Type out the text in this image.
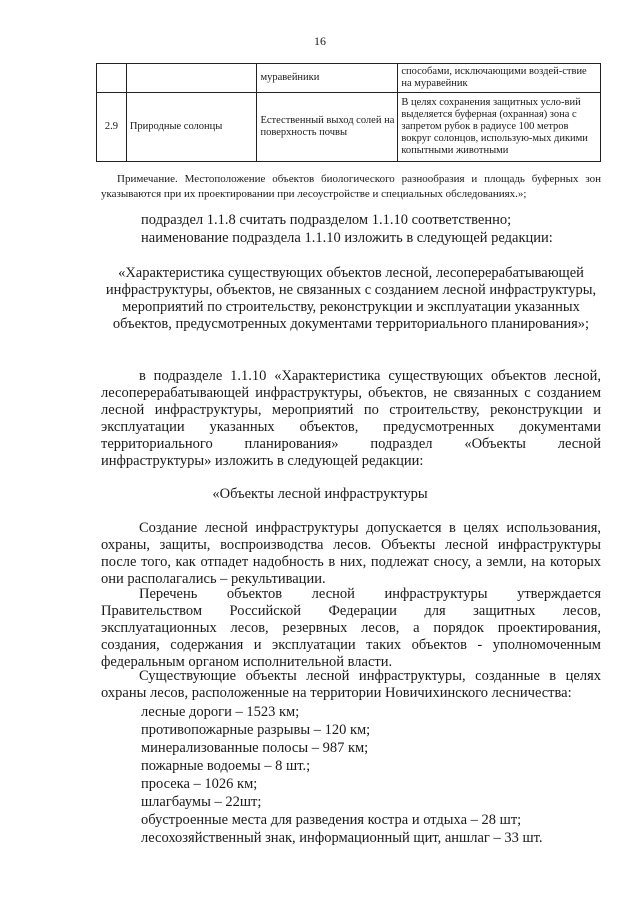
16
		муравейники	способами, исключающими воздей-ствие на муравейник
2.9	Природные солонцы	Естественный выход солей на поверхность почвы	В целях сохранения защитных усло-вий выделяется буферная (охранная) зона с запретом рубок в радиусе 100 метров вокруг солонцов, использую-мых дикими копытными животными
Примечание. Местоположение объектов биологического разнообразия и площадь буферных зон указываются при их проектировании при лесоустройстве и специальных обследованиях.»;
подраздел 1.1.8 считать подразделом 1.1.10 соответственно;
наименование подраздела 1.1.10 изложить в следующей редакции:
«Характеристика существующих объектов лесной, лесоперерабатывающей инфраструктуры, объектов, не связанных с созданием лесной инфраструктуры, мероприятий по строительству, реконструкции и эксплуатации указанных объектов, предусмотренных документами территориального планирования»;
в подразделе 1.1.10 «Характеристика существующих объектов лесной, лесоперерабатывающей инфраструктуры, объектов, не связанных с созданием лесной инфраструктуры, мероприятий по строительству, реконструкции и эксплуатации указанных объектов, предусмотренных документами территориального планирования» подраздел «Объекты лесной инфраструктуры» изложить в следующей редакции:
«Объекты лесной инфраструктуры
Создание лесной инфраструктуры допускается в целях использования, охраны, защиты, воспроизводства лесов. Объекты лесной инфраструктуры после того, как отпадет надобность в них, подлежат сносу, а земли, на которых они располагались – рекультивации.
Перечень объектов лесной инфраструктуры утверждается Правительством Российской Федерации для защитных лесов, эксплуатационных лесов, резервных лесов, а порядок проектирования, создания, содержания и эксплуатации таких объектов - уполномоченным федеральным органом исполнительной власти.
Существующие объекты лесной инфраструктуры, созданные в целях охраны лесов, расположенные на территории Новичихинского лесничества:
лесные дороги – 1523 км;
противопожарные разрывы – 120 км;
минерализованные полосы – 987 км;
пожарные водоемы – 8 шт.;
просека – 1026 км;
шлагбаумы – 22шт;
обустроенные места для разведения костра и отдыха – 28 шт;
лесохозяйственный знак, информационный щит, аншлаг – 33 шт.
